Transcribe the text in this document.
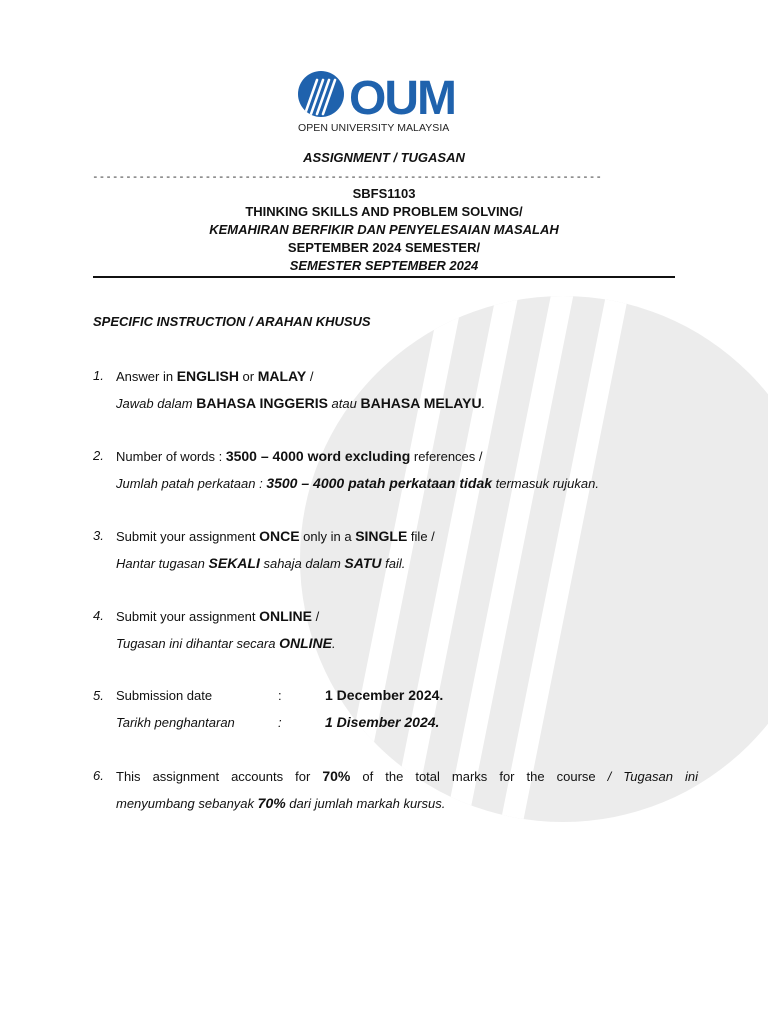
OUM
OPEN UNIVERSITY MALAYSIA
ASSIGNMENT / TUGASAN
-----------------------------------------------------------------------------
SBFS1103
THINKING SKILLS AND PROBLEM SOLVING/
KEMAHIRAN BERFIKIR DAN PENYELESAIAN MASALAH
SEPTEMBER 2024 SEMESTER/
SEMESTER SEPTEMBER 2024
SPECIFIC INSTRUCTION / ARAHAN KHUSUS
1. Answer in ENGLISH or MALAY /
Jawab dalam BAHASA INGGERIS atau BAHASA MELAYU.
2. Number of words : 3500 – 4000 word excluding references /
Jumlah patah perkataan : 3500 – 4000 patah perkataan tidak termasuk rujukan.
3. Submit your assignment ONCE only in a SINGLE file /
Hantar tugasan SEKALI sahaja dalam SATU fail.
4. Submit your assignment ONLINE /
Tugasan ini dihantar secara ONLINE.
5. Submission date	:	1 December 2024.
Tarikh penghantaran	:	1 Disember 2024.
6. This assignment accounts for 70% of the total marks for the course / Tugasan ini
menyumbang sebanyak 70% dari jumlah markah kursus.
